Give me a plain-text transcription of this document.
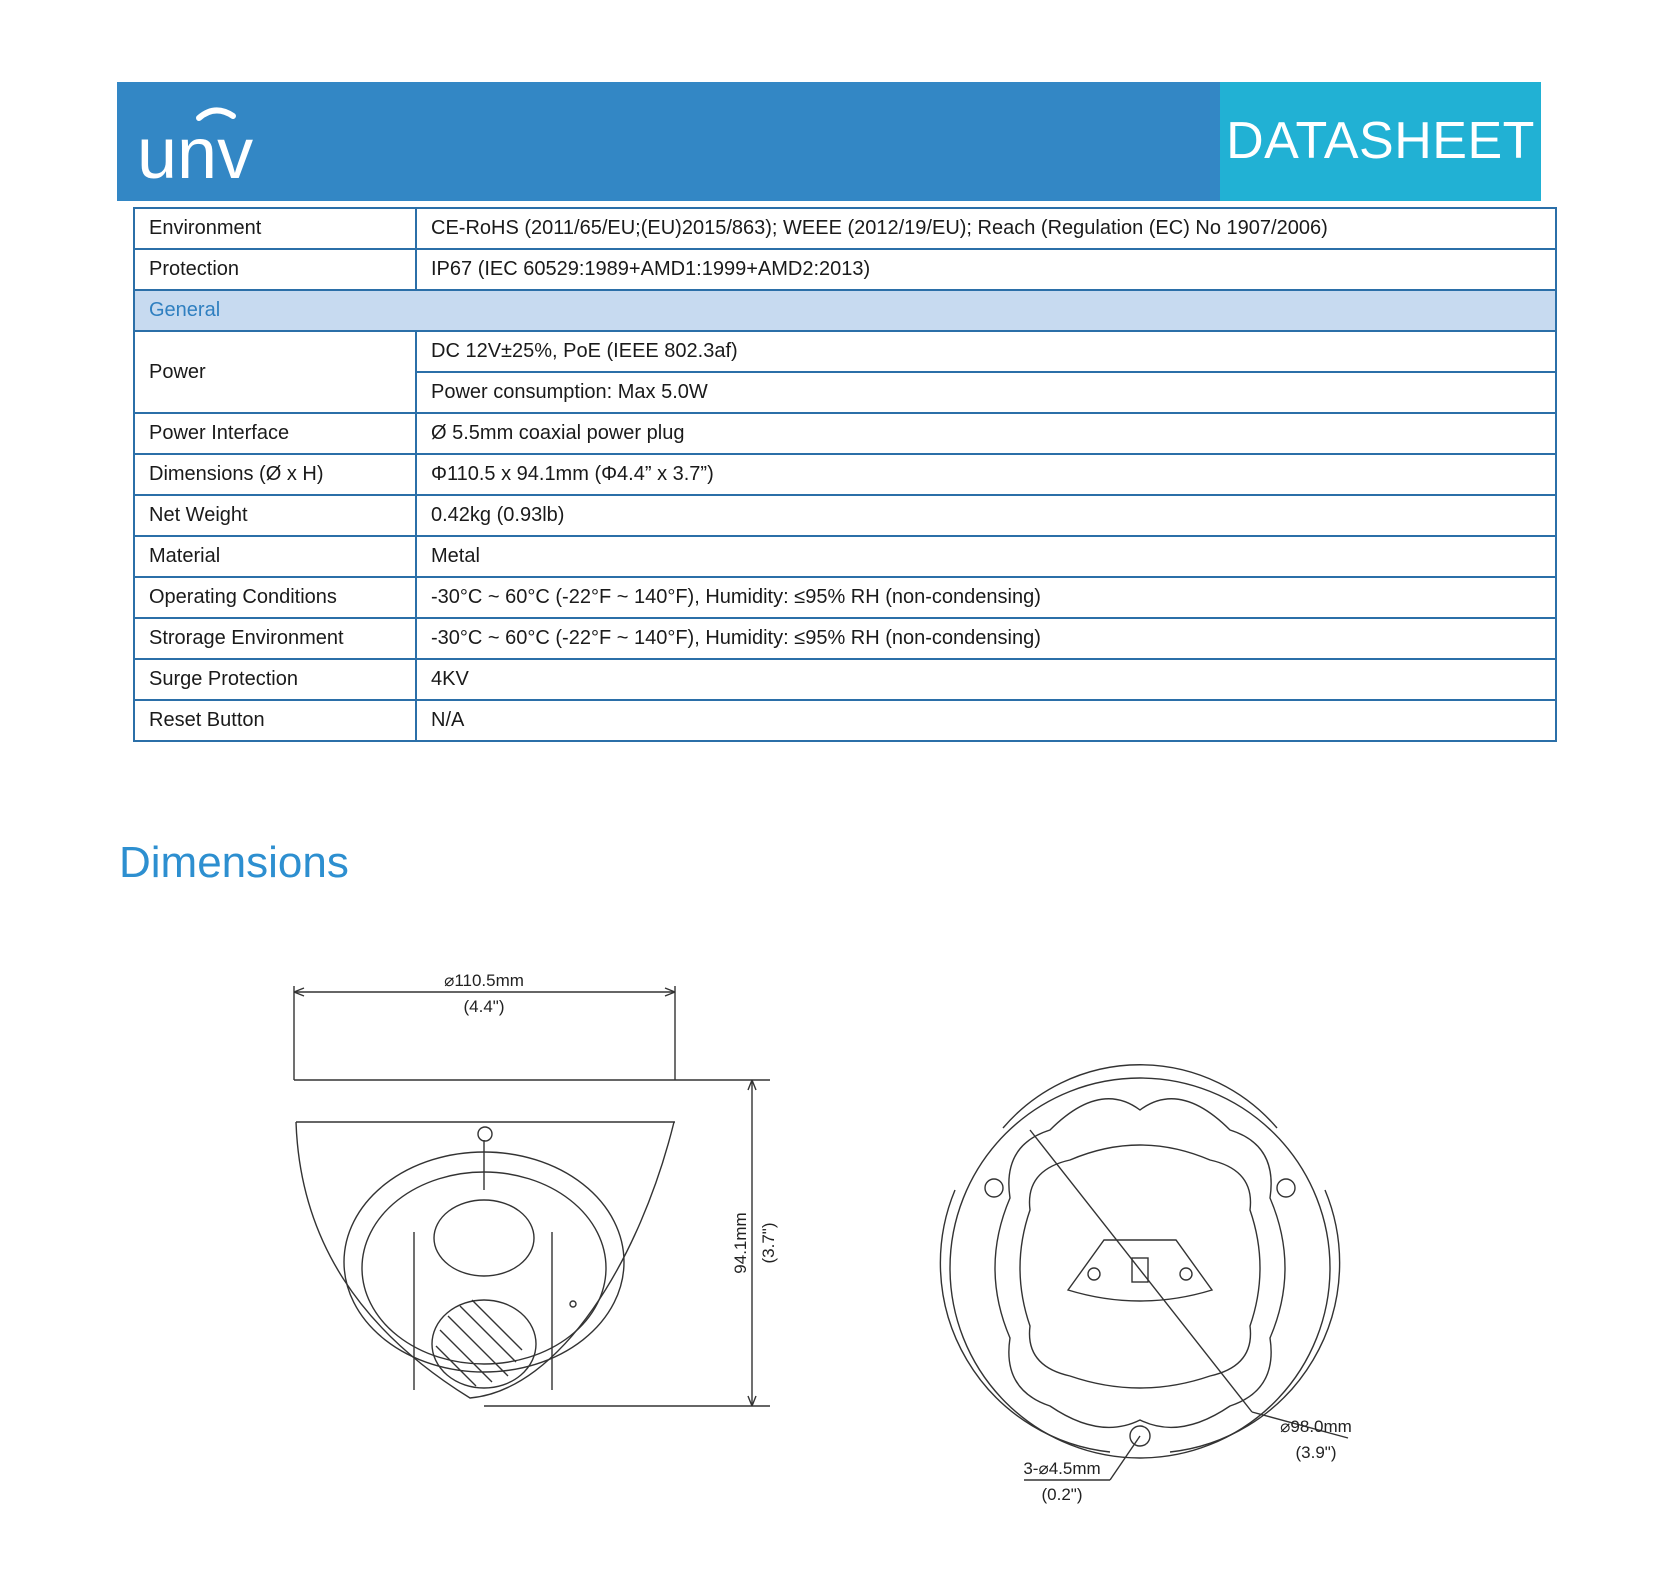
unv	DATASHEET
Environment	CE-RoHS (2011/65/EU;(EU)2015/863); WEEE (2012/19/EU); Reach (Regulation (EC) No 1907/2006)
Protection	IP67 (IEC 60529:1989+AMD1:1999+AMD2:2013)
General	
Power	DC 12V±25%, PoE (IEEE 802.3af)
	Power consumption: Max 5.0W
Power Interface	Ø 5.5mm coaxial power plug
Dimensions (Ø x H)	Φ110.5 x 94.1mm (Φ4.4” x 3.7”)
Net Weight	0.42kg (0.93lb)
Material	Metal
Operating Conditions	-30°C ~ 60°C (-22°F ~ 140°F), Humidity: ≤95% RH (non-condensing)
Strorage Environment	-30°C ~ 60°C (-22°F ~ 140°F), Humidity: ≤95% RH (non-condensing)
Surge Protection	4KV
Reset Button	N/A
Dimensions
⌀110.5mm
(4.4")
94.1mm (3.7")
⌀98.0mm
(3.9")
3-⌀4.5mm
(0.2")
